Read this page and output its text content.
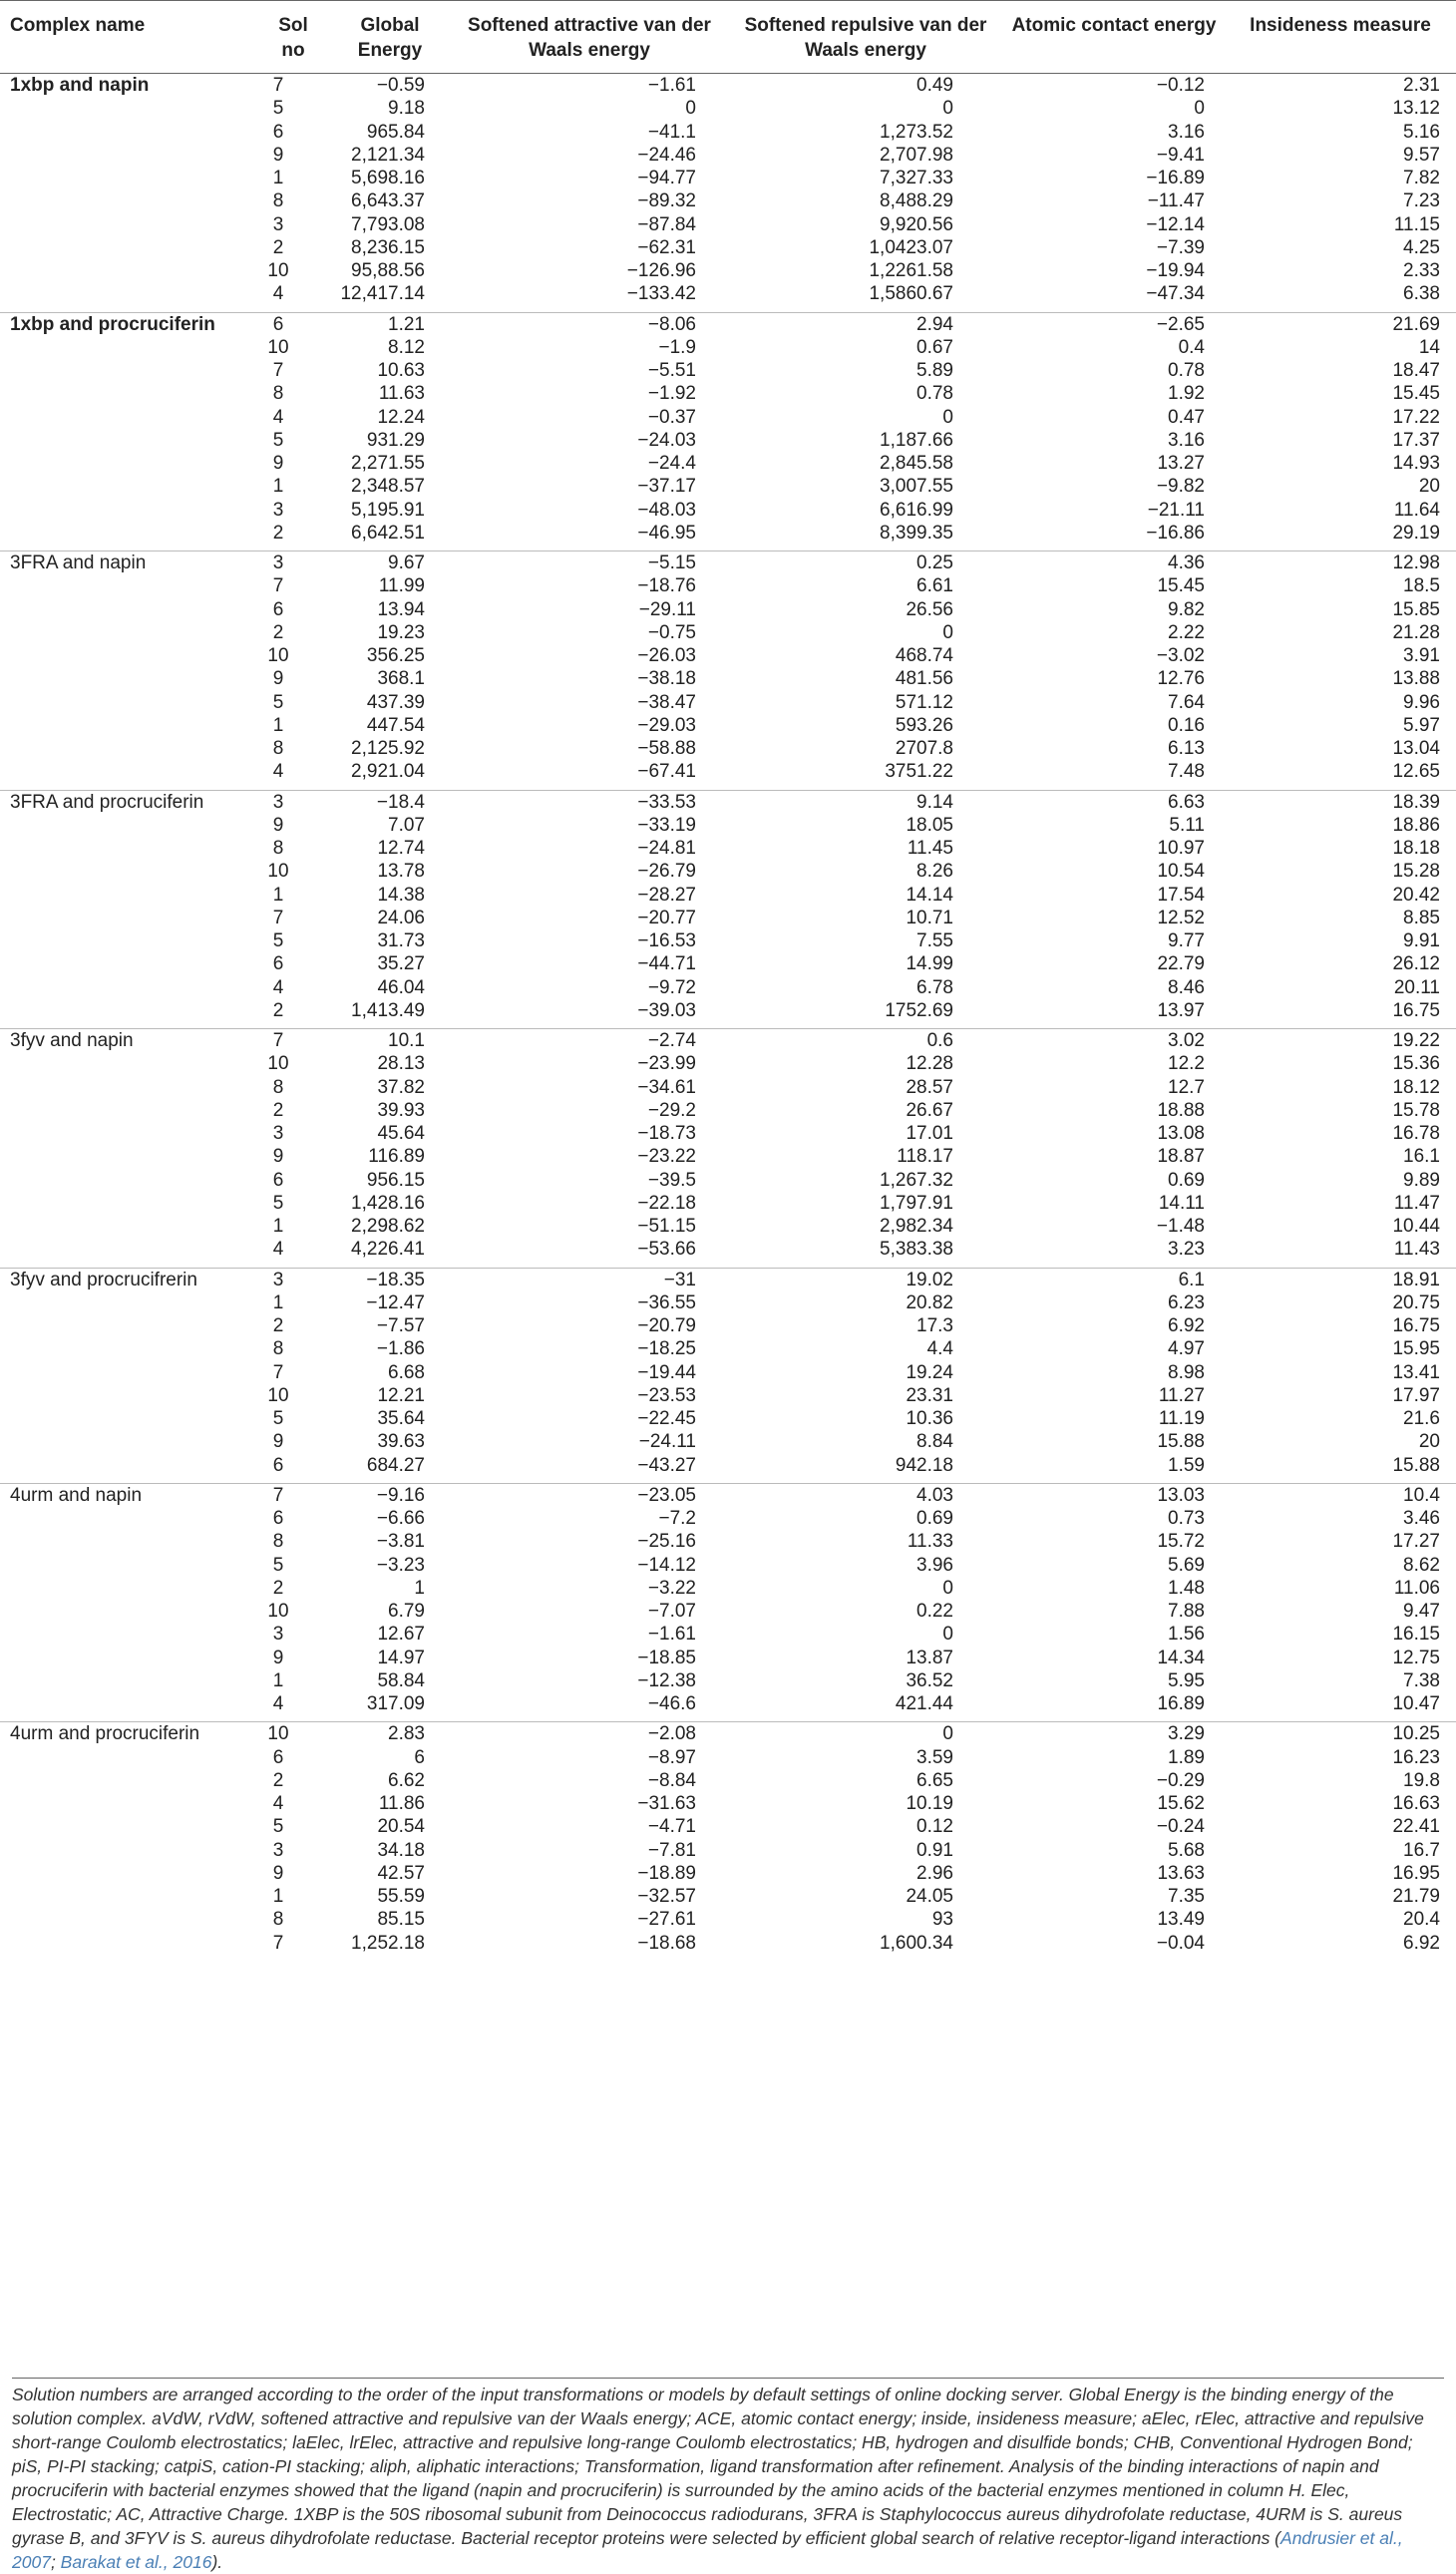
Complex name	Sol no	Global Energy	Softened attractive van der Waals energy	Softened repulsive van der Waals energy	Atomic contact energy	Insideness measure
1xbp and napin	7	−0.59	−1.61	0.49	−0.12	2.31
	5	9.18	0	0	0	13.12
	6	965.84	−41.1	1,273.52	3.16	5.16
	9	2,121.34	−24.46	2,707.98	−9.41	9.57
	1	5,698.16	−94.77	7,327.33	−16.89	7.82
	8	6,643.37	−89.32	8,488.29	−11.47	7.23
	3	7,793.08	−87.84	9,920.56	−12.14	11.15
	2	8,236.15	−62.31	1,0423.07	−7.39	4.25
	10	95,88.56	−126.96	1,2261.58	−19.94	2.33
	4	12,417.14	−133.42	1,5860.67	−47.34	6.38

1xbp and procruciferin	6	1.21	−8.06	2.94	−2.65	21.69
	10	8.12	−1.9	0.67	0.4	14
	7	10.63	−5.51	5.89	0.78	18.47
	8	11.63	−1.92	0.78	1.92	15.45
	4	12.24	−0.37	0	0.47	17.22
	5	931.29	−24.03	1,187.66	3.16	17.37
	9	2,271.55	−24.4	2,845.58	13.27	14.93
	1	2,348.57	−37.17	3,007.55	−9.82	20
	3	5,195.91	−48.03	6,616.99	−21.11	11.64
	2	6,642.51	−46.95	8,399.35	−16.86	29.19

3FRA and napin	3	9.67	−5.15	0.25	4.36	12.98
	7	11.99	−18.76	6.61	15.45	18.5
	6	13.94	−29.11	26.56	9.82	15.85
	2	19.23	−0.75	0	2.22	21.28
	10	356.25	−26.03	468.74	−3.02	3.91
	9	368.1	−38.18	481.56	12.76	13.88
	5	437.39	−38.47	571.12	7.64	9.96
	1	447.54	−29.03	593.26	0.16	5.97
	8	2,125.92	−58.88	2707.8	6.13	13.04
	4	2,921.04	−67.41	3751.22	7.48	12.65

3FRA and procruciferin	3	−18.4	−33.53	9.14	6.63	18.39
	9	7.07	−33.19	18.05	5.11	18.86
	8	12.74	−24.81	11.45	10.97	18.18
	10	13.78	−26.79	8.26	10.54	15.28
	1	14.38	−28.27	14.14	17.54	20.42
	7	24.06	−20.77	10.71	12.52	8.85
	5	31.73	−16.53	7.55	9.77	9.91
	6	35.27	−44.71	14.99	22.79	26.12
	4	46.04	−9.72	6.78	8.46	20.11
	2	1,413.49	−39.03	1752.69	13.97	16.75

3fyv and napin	7	10.1	−2.74	0.6	3.02	19.22
	10	28.13	−23.99	12.28	12.2	15.36
	8	37.82	−34.61	28.57	12.7	18.12
	2	39.93	−29.2	26.67	18.88	15.78
	3	45.64	−18.73	17.01	13.08	16.78
	9	116.89	−23.22	118.17	18.87	16.1
	6	956.15	−39.5	1,267.32	0.69	9.89
	5	1,428.16	−22.18	1,797.91	14.11	11.47
	1	2,298.62	−51.15	2,982.34	−1.48	10.44
	4	4,226.41	−53.66	5,383.38	3.23	11.43

3fyv and procrucifrerin	3	−18.35	−31	19.02	6.1	18.91
	1	−12.47	−36.55	20.82	6.23	20.75
	2	−7.57	−20.79	17.3	6.92	16.75
	8	−1.86	−18.25	4.4	4.97	15.95
	7	6.68	−19.44	19.24	8.98	13.41
	10	12.21	−23.53	23.31	11.27	17.97
	5	35.64	−22.45	10.36	11.19	21.6
	9	39.63	−24.11	8.84	15.88	20
	6	684.27	−43.27	942.18	1.59	15.88

4urm and napin	7	−9.16	−23.05	4.03	13.03	10.4
	6	−6.66	−7.2	0.69	0.73	3.46
	8	−3.81	−25.16	11.33	15.72	17.27
	5	−3.23	−14.12	3.96	5.69	8.62
	2	1	−3.22	0	1.48	11.06
	10	6.79	−7.07	0.22	7.88	9.47
	3	12.67	−1.61	0	1.56	16.15
	9	14.97	−18.85	13.87	14.34	12.75
	1	58.84	−12.38	36.52	5.95	7.38
	4	317.09	−46.6	421.44	16.89	10.47

4urm and procruciferin	10	2.83	−2.08	0	3.29	10.25
	6	6	−8.97	3.59	1.89	16.23
	2	6.62	−8.84	6.65	−0.29	19.8
	4	11.86	−31.63	10.19	15.62	16.63
	5	20.54	−4.71	0.12	−0.24	22.41
	3	34.18	−7.81	0.91	5.68	16.7
	9	42.57	−18.89	2.96	13.63	16.95
	1	55.59	−32.57	24.05	7.35	21.79
	8	85.15	−27.61	93	13.49	20.4
	7	1,252.18	−18.68	1,600.34	−0.04	6.92
Solution numbers are arranged according to the order of the input transformations or models by default settings of online docking server. Global Energy is the binding energy of the solution complex. aVdW, rVdW, softened attractive and repulsive van der Waals energy; ACE, atomic contact energy; inside, insideness measure; aElec, rElec, attractive and repulsive short-range Coulomb electrostatics; laElec, lrElec, attractive and repulsive long-range Coulomb electrostatics; HB, hydrogen and disulfide bonds; CHB, Conventional Hydrogen Bond; piS, PI-PI stacking; catpiS, cation-PI stacking; aliph, aliphatic interactions; Transformation, ligand transformation after refinement. Analysis of the binding interactions of napin and procruciferin with bacterial enzymes showed that the ligand (napin and procruciferin) is surrounded by the amino acids of the bacterial enzymes mentioned in column H. Elec, Electrostatic; AC, Attractive Charge. 1XBP is the 50S ribosomal subunit from Deinococcus radiodurans, 3FRA is Staphylococcus aureus dihydrofolate reductase, 4URM is S. aureus gyrase B, and 3FYV is S. aureus dihydrofolate reductase. Bacterial receptor proteins were selected by efficient global search of relative receptor-ligand interactions (Andrusier et al., 2007; Barakat et al., 2016).
